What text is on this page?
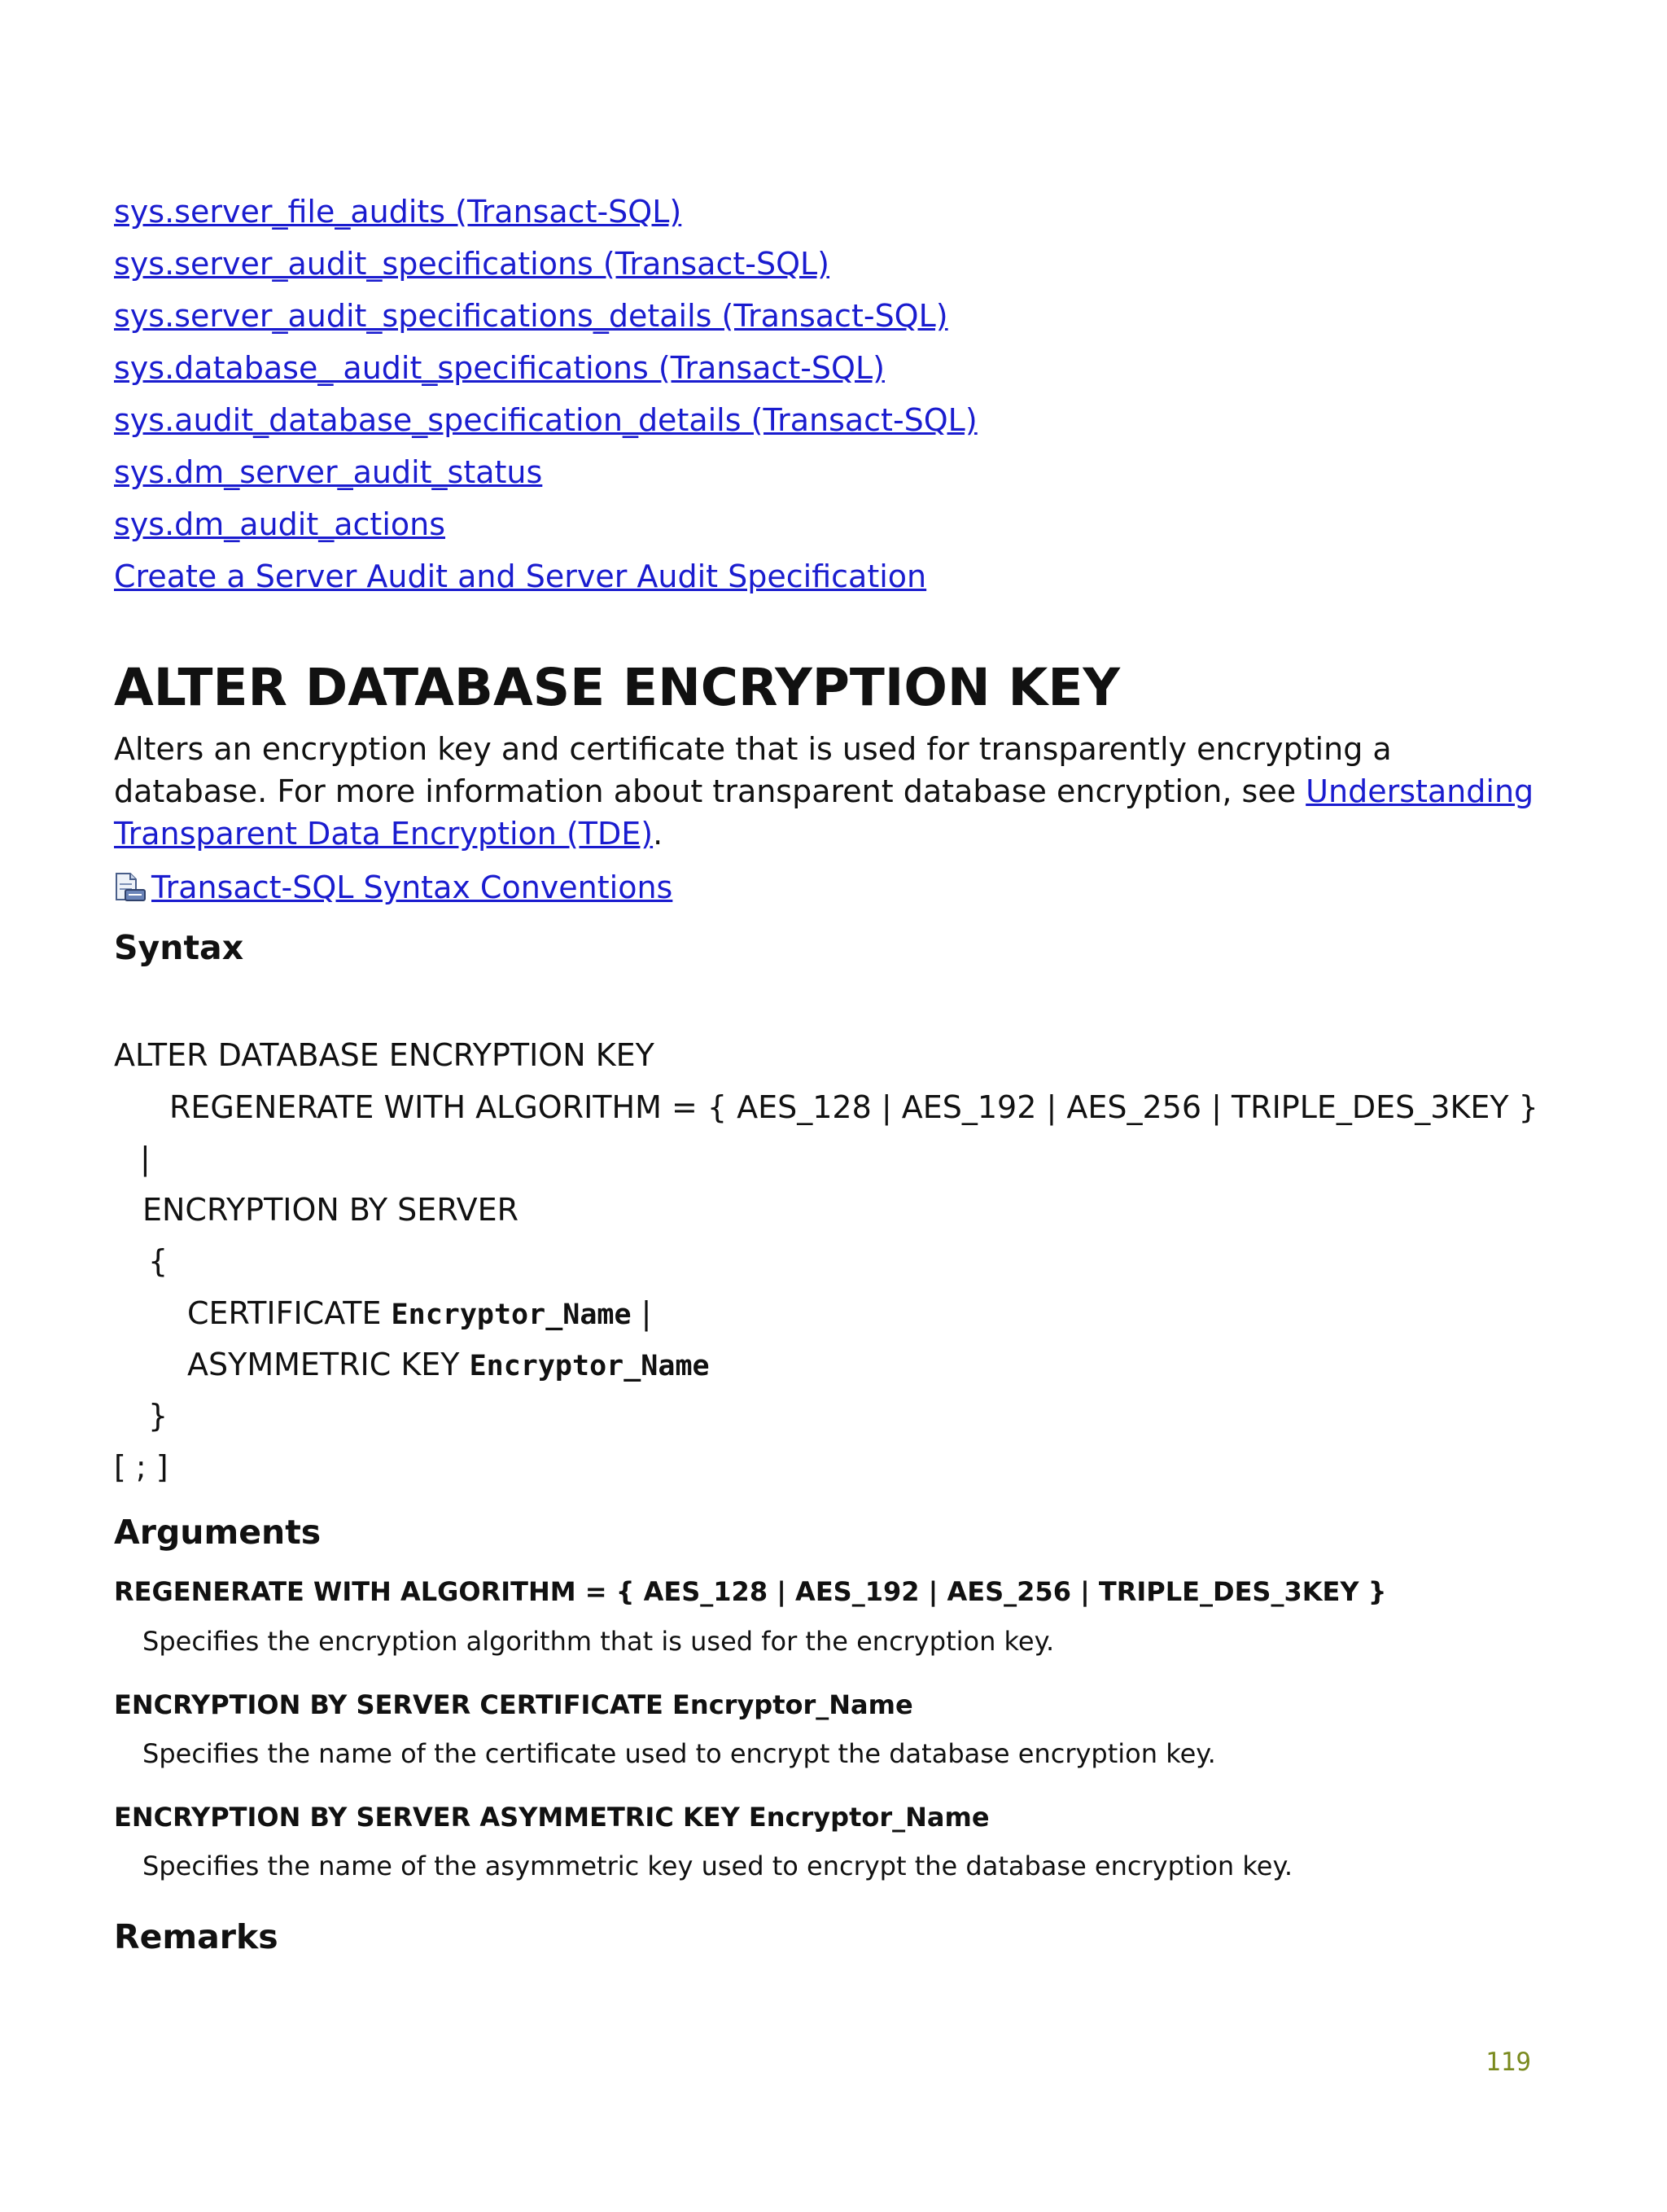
sys.server_file_audits (Transact-SQL)
sys.server_audit_specifications (Transact-SQL)
sys.server_audit_specifications_details (Transact-SQL)
sys.database_ audit_specifications (Transact-SQL)
sys.audit_database_specification_details (Transact-SQL)
sys.dm_server_audit_status
sys.dm_audit_actions
Create a Server Audit and Server Audit Specification
ALTER DATABASE ENCRYPTION KEY

Alters an encryption key and certificate that is used for transparently encrypting a database. For more information about transparent database encryption, see Understanding Transparent Data Encryption (TDE).

Transact-SQL Syntax Conventions
Syntax

ALTER DATABASE ENCRYPTION KEY

REGENERATE WITH ALGORITHM = { AES_128 | AES_192 | AES_256 | TRIPLE_DES_3KEY }

|

ENCRYPTION BY SERVER

{

CERTIFICATE Encryptor_Name |

ASYMMETRIC KEY Encryptor_Name

}

[ ; ]

Arguments

REGENERATE WITH ALGORITHM = { AES_128 | AES_192 | AES_256 | TRIPLE_DES_3KEY }

Specifies the encryption algorithm that is used for the encryption key.

ENCRYPTION BY SERVER CERTIFICATE Encryptor_Name

Specifies the name of the certificate used to encrypt the database encryption key.

ENCRYPTION BY SERVER ASYMMETRIC KEY Encryptor_Name

Specifies the name of the asymmetric key used to encrypt the database encryption key.

Remarks
119
